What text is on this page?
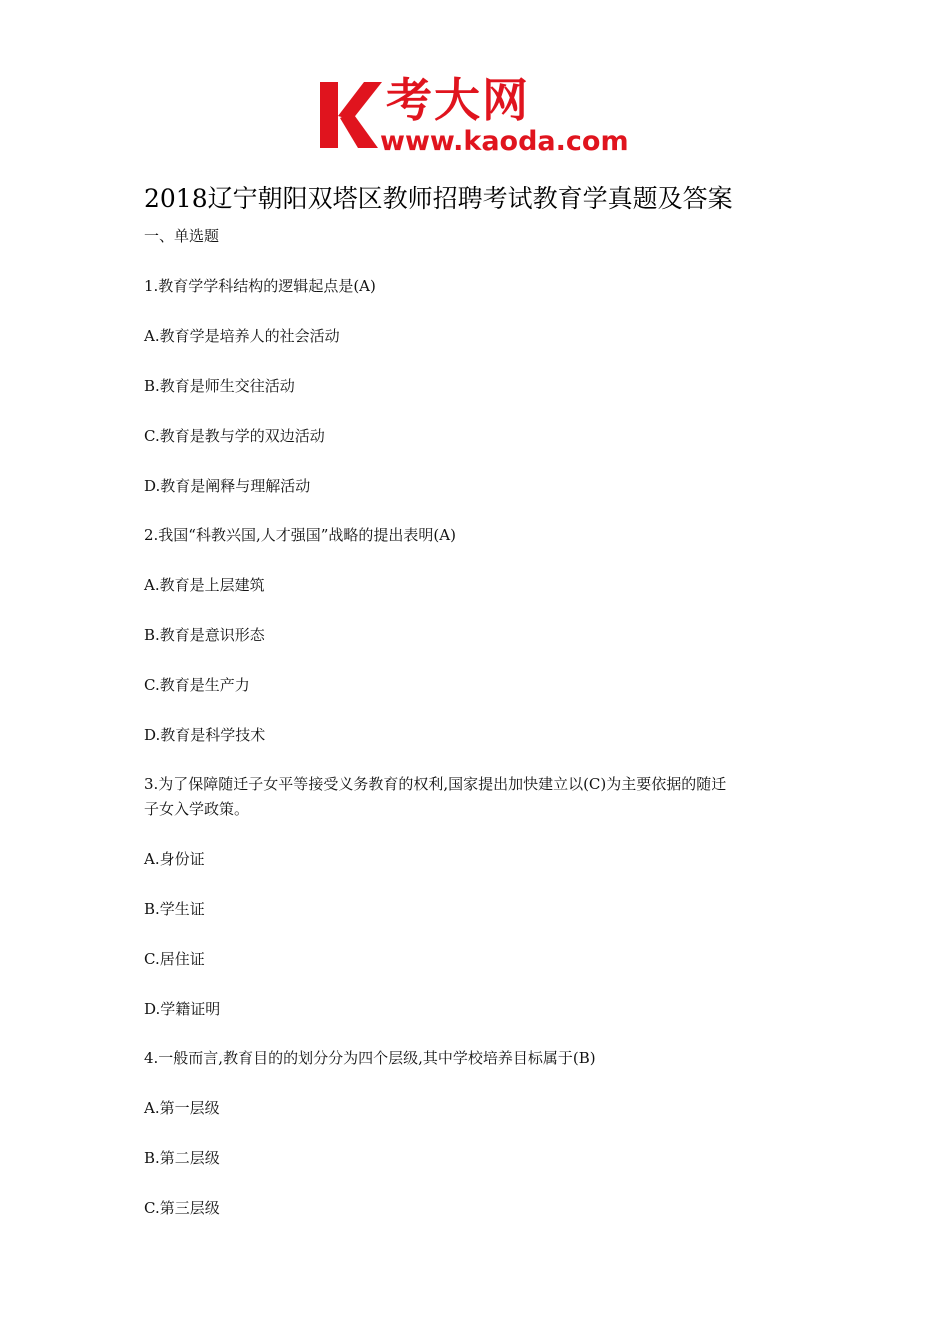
考大网
www.kaoda.com
2018辽宁朝阳双塔区教师招聘考试教育学真题及答案
一、单选题
1.教育学学科结构的逻辑起点是(A)
A.教育学是培养人的社会活动
B.教育是师生交往活动
C.教育是教与学的双边活动
D.教育是阐释与理解活动
2.我国“科教兴国,人才强国”战略的提出表明(A)
A.教育是上层建筑
B.教育是意识形态
C.教育是生产力
D.教育是科学技术
3.为了保障随迁子女平等接受义务教育的权利,国家提出加快建立以(C)为主要依据的随迁
子女入学政策。
A.身份证
B.学生证
C.居住证
D.学籍证明
4.一般而言,教育目的的划分分为四个层级,其中学校培养目标属于(B)
A.第一层级
B.第二层级
C.第三层级
